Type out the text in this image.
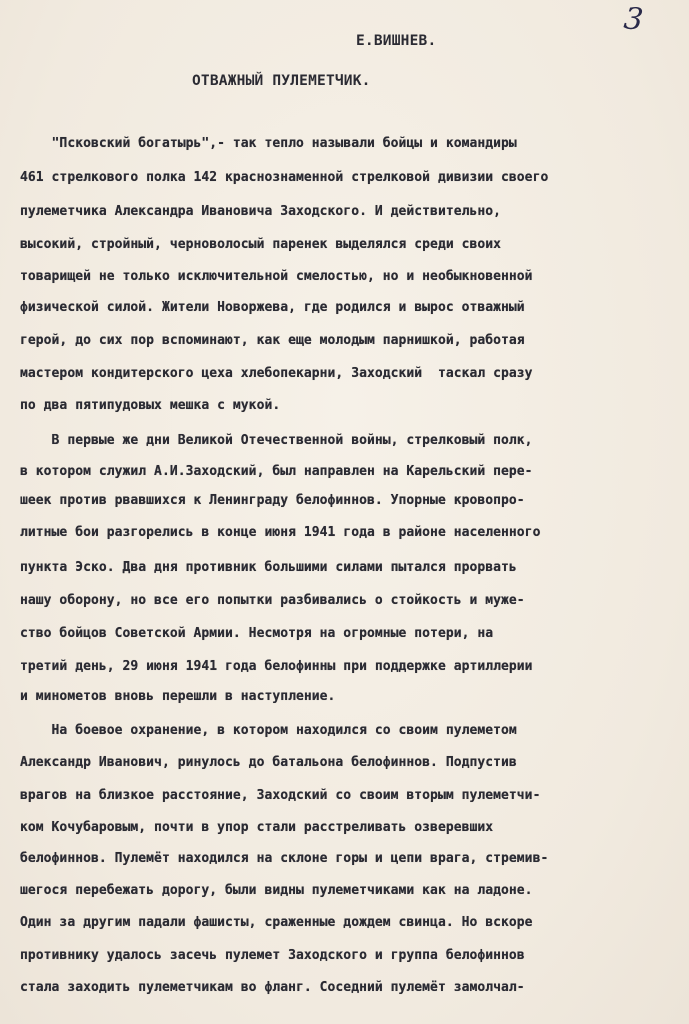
3
Е.ВИШНЕВ.
ОТВАЖНЫЙ ПУЛЕМЕТЧИК.
"Псковский богатырь",- так тепло называли бойцы и командиры
461 стрелкового полка 142 краснознаменной стрелковой дивизии своего
пулеметчика Александра Ивановича Заходского. И действительно,
высокий, стройный, черноволосый паренек выделялся среди своих
товарищей не только исключительной смелостью, но и необыкновенной
физической силой. Жители Новоржева, где родился и вырос отважный
герой, до сих пор вспоминают, как еще молодым парнишкой, работая
мастером кондитерского цеха хлебопекарни, Заходский  таскал сразу
по два пятипудовых мешка с мукой.
В первые же дни Великой Отечественной войны, стрелковый полк,
в котором служил А.И.Заходский, был направлен на Карельский пере-
шеек против рвавшихся к Ленинграду белофиннов. Упорные кровопро-
литные бои разгорелись в конце июня 1941 года в районе населенного
пункта Эско. Два дня противник большими силами пытался прорвать
нашу оборону, но все его попытки разбивались о стойкость и муже-
ство бойцов Советской Армии. Несмотря на огромные потери, на
третий день, 29 июня 1941 года белофинны при поддержке артиллерии
и минометов вновь перешли в наступление.
На боевое охранение, в котором находился со своим пулеметом
Александр Иванович, ринулось до батальона белофиннов. Подпустив
врагов на близкое расстояние, Заходский со своим вторым пулеметчи-
ком Кочубаровым, почти в упор стали расстреливать озверевших
белофиннов. Пулемёт находился на склоне горы и цепи врага, стремив-
шегося перебежать дорогу, были видны пулеметчиками как на ладоне.
Один за другим падали фашисты, сраженные дождем свинца. Но вскоре
противнику удалось засечь пулемет Заходского и группа белофиннов
стала заходить пулеметчикам во фланг. Соседний пулемёт замолчал-
